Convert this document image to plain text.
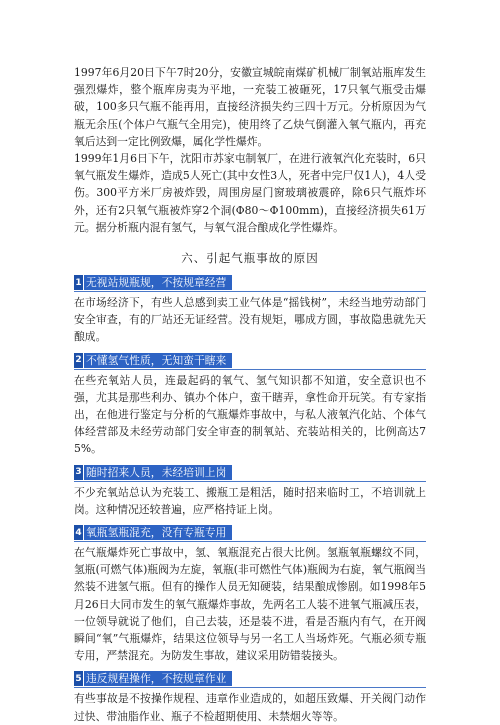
1997年6月20日下午7时20分，安徽宣城皖南煤矿机械厂制氧站瓶库发生强烈爆炸，整个瓶库房夷为平地，一充装工被砸死，17只氧气瓶受击爆破，100多只气瓶不能再用，直接经济损失约三四十万元。分析原因为气瓶无余压(个体户气瓶气全用完)，使用终了乙炔气倒灌入氧气瓶内，再充氧后达到一定比例致爆，属化学性爆炸。

1999年1月6日下午，沈阳市苏家屯制氧厂，在进行液氧汽化充装时，6只氧气瓶发生爆炸，造成5人死亡(其中女性3人，死者中完尸仅1人)，4人受伤。300平方米厂房被炸毁，周围房屋门窗玻璃被震碎，除6只气瓶炸坏外，还有2只氧气瓶被炸穿2个洞(Φ80～Φ100mm)，直接经济损失61万元。据分析瓶内混有氢气，与氧气混合酿成化学性爆炸。

六、引起气瓶事故的原因
1 无视站规瓶规，不按规章经营

在市场经济下，有些人总感到卖工业气体是“摇钱树”，未经当地劳动部门安全审查，有的厂站还无证经营。没有规矩，哪成方圆，事故隐患就先天酿成。

2 不懂氢气性质，无知蛮干瞎来

在些充氧站人员，连最起码的氧气、氢气知识都不知道，安全意识也不强，尤其是那些利办、镇办个体户，蛮干瞎弄，拿性命开玩笑。有专家指出，在他进行鉴定与分析的气瓶爆炸事故中，与私人液氧汽化站、个体气体经营部及未经劳动部门安全审查的制氧站、充装站相关的，比例高达75%。

3 随时招来人员，未经培训上岗

不少充氧站总认为充装工、搬瓶工是粗活，随时招来临时工，不培训就上岗。这种情况还较普遍，应严格持证上岗。

4 氧瓶氢瓶混充，没有专瓶专用

在气瓶爆炸死亡事故中，氢、氧瓶混充占很大比例。氢瓶氧瓶螺纹不同，氢瓶(可燃气体)瓶阀为左旋，氧瓶(非可燃性气体)瓶阀为右旋，氧气瓶阀当然装不进氢气瓶。但有的操作人员无知硬装，结果酿成惨剧。如1998年5月26日大同市发生的氧气瓶爆炸事故，先两名工人装不进氧气瓶减压表，一位领导就说了他们，自己去装，还是装不进，看是否瓶内有气，在开阀瞬间“氧”气瓶爆炸，结果这位领导与另一名工人当场炸死。气瓶必须专瓶专用，严禁混充。为防发生事故，建议采用防错装接头。

5 违反规程操作，不按规章作业

有些事故是不按操作规程、违章作业造成的，如超压致爆、开关阀门动作过快、带油脂作业、瓶子不检超期使用、未禁烟火等等。
